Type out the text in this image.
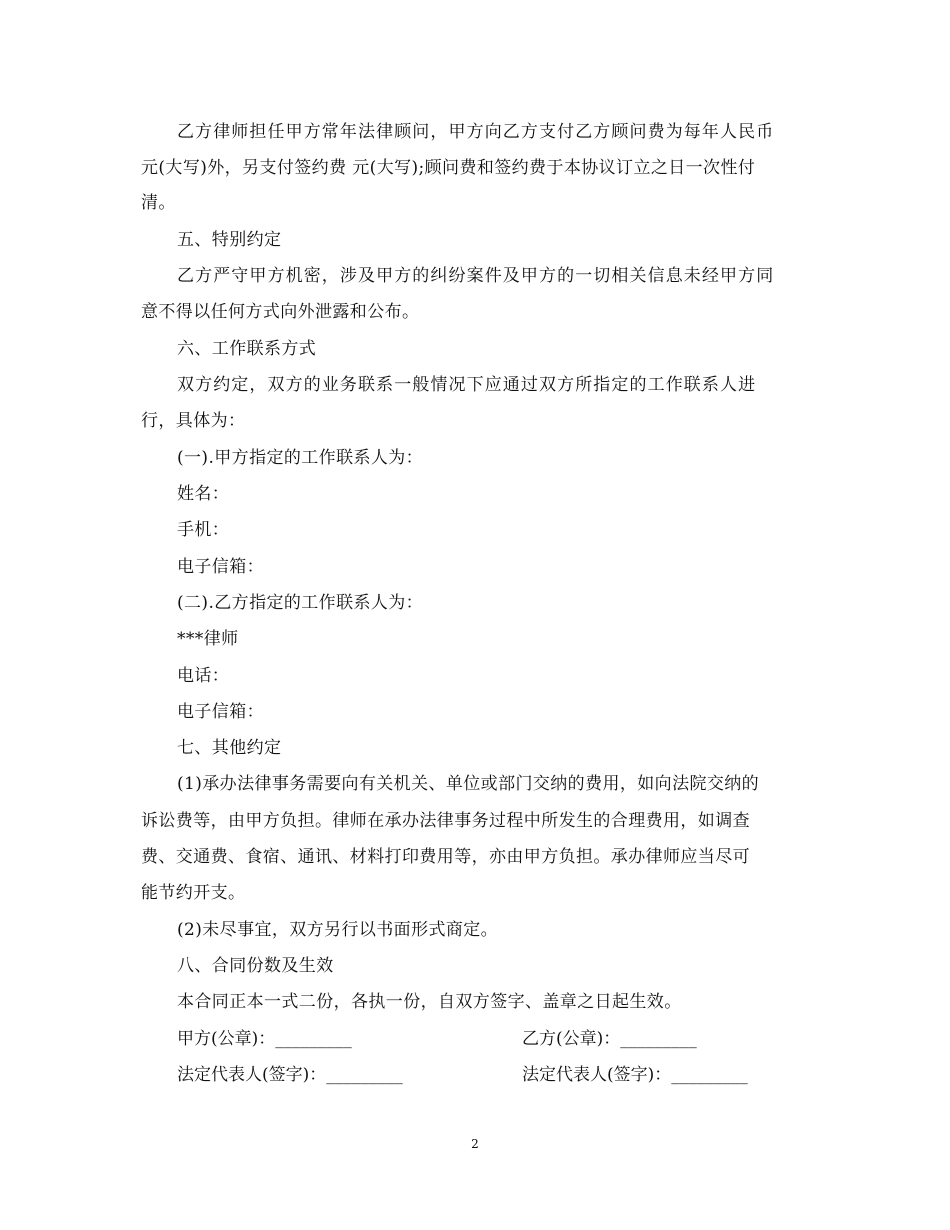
乙方律师担任甲方常年法律顾问，甲方向乙方支付乙方顾问费为每年人民币
元(大写)外，另支付签约费 元(大写);顾问费和签约费于本协议订立之日一次性付
清。
五、特别约定
乙方严守甲方机密，涉及甲方的纠纷案件及甲方的一切相关信息未经甲方同
意不得以任何方式向外泄露和公布。
六、工作联系方式
双方约定，双方的业务联系一般情况下应通过双方所指定的工作联系人进
行，具体为：
(一).甲方指定的工作联系人为：
姓名：
手机：
电子信箱：
(二).乙方指定的工作联系人为：
***律师
电话：
电子信箱：
七、其他约定
(1)承办法律事务需要向有关机关、单位或部门交纳的费用，如向法院交纳的
诉讼费等，由甲方负担。律师在承办法律事务过程中所发生的合理费用，如调查
费、交通费、食宿、通讯、材料打印费用等，亦由甲方负担。承办律师应当尽可
能节约开支。
(2)未尽事宜，双方另行以书面形式商定。
八、合同份数及生效
本合同正本一式二份，各执一份，自双方签字、盖章之日起生效。
甲方(公章)：_________	乙方(公章)：_________
法定代表人(签字)：_________	法定代表人(签字)：_________
2
